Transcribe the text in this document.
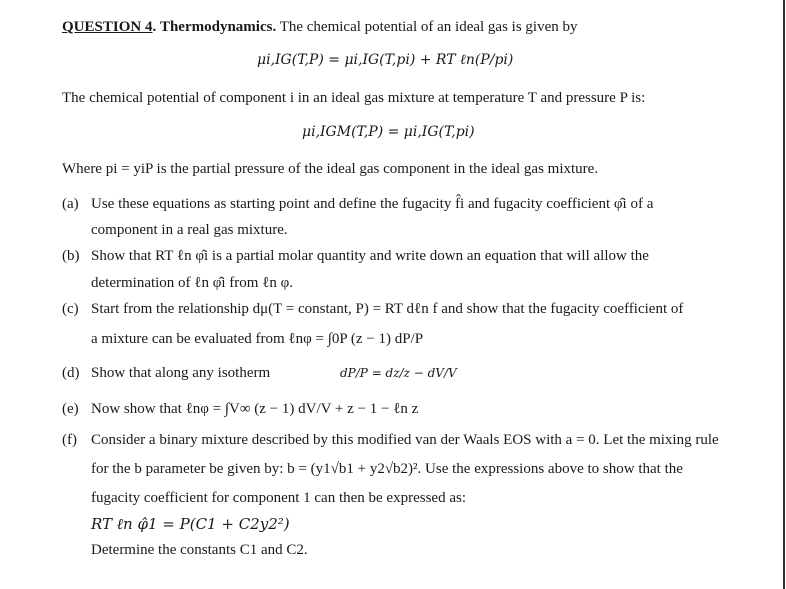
QUESTION 4. Thermodynamics. The chemical potential of an ideal gas is given by
μi,IG(T,P) = μi,IG(T,pi) + RT ℓn(P/pi)
The chemical potential of component i in an ideal gas mixture at temperature T and pressure P is:
μi,IGM(T,P) = μi,IG(T,pi)
Where pi = yiP is the partial pressure of the ideal gas component in the ideal gas mixture.
(a) Use these equations as starting point and define the fugacity f̂i and fugacity coefficient φ̂i of a
component in a real gas mixture.
(b) Show that RT ℓn φ̂i is a partial molar quantity and write down an equation that will allow the
determination of ℓn φ̂i from ℓn φ.
(c) Start from the relationship dμ(T = constant, P) = RT dℓn f and show that the fugacity coefficient of
a mixture can be evaluated from ℓnφ = ∫0P (z − 1) dP/P
(d) Show that along any isotherm	dP/P = dz/z − dV/V
(e) Now show that ℓnφ = ∫V∞ (z − 1) dV/V + z − 1 − ℓn z
(f) Consider a binary mixture described by this modified van der Waals EOS with a = 0. Let the mixing rule
for the b parameter be given by: b = (y1√b1 + y2√b2)². Use the expressions above to show that the
fugacity coefficient for component 1 can then be expressed as:
RT ℓn φ̂1 = P(C1 + C2y2²)
Determine the constants C1 and C2.
